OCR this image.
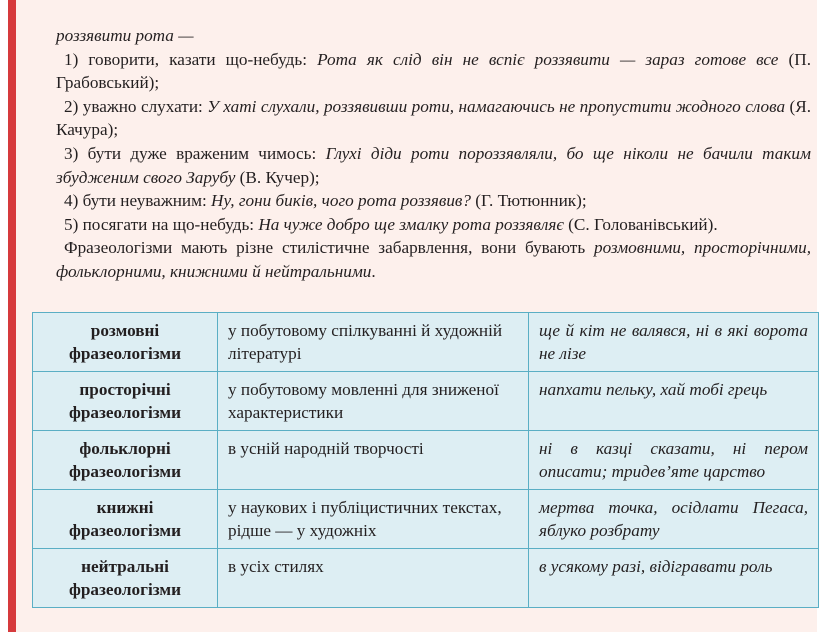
роззявити рота —

1) говорити, казати що-небудь: Рота як слід він не вспіє роззявити — зараз готове все (П. Грабовський);

2) уважно слухати: У хаті слухали, роззявивши роти, намагаючись не пропустити жодного слова (Я. Качура);

3) бути дуже враженим чимось: Глухі діди роти пороззявляли, бо ще ніколи не бачили таким збудженим свого Зарубу (В. Кучер);

4) бути неуважним: Ну, гони биків, чого рота роззявив? (Г. Тютюнник);

5) посягати на що-небудь: На чуже добро ще змалку рота роззявляє (С. Голованівський).

Фразеологізми мають різне стилістичне забарвлення, вони бувають розмовними, просторічними, фольклорними, книжними й нейтральними.

розмовні
фразеологізми	у побутовому спілкуванні й художній літературі	ще й кіт не валявся, ні в які ворота не лізе

просторічні
фразеологізми	у побутовому мовленні для зниженої характеристики	напхати пельку, хай тобі грець

фольклорні
фразеологізми	в усній народній творчості	ні в казці сказати, ні пером описати; тридев’яте царство

книжні
фразеологізми	у наукових і публіцистичних текстах, рідше — у художніх	мертва точка, осідлати Пегаса, яблуко розбрату

нейтральні
фразеологізми	в усіх стилях	в усякому разі, відігравати роль
